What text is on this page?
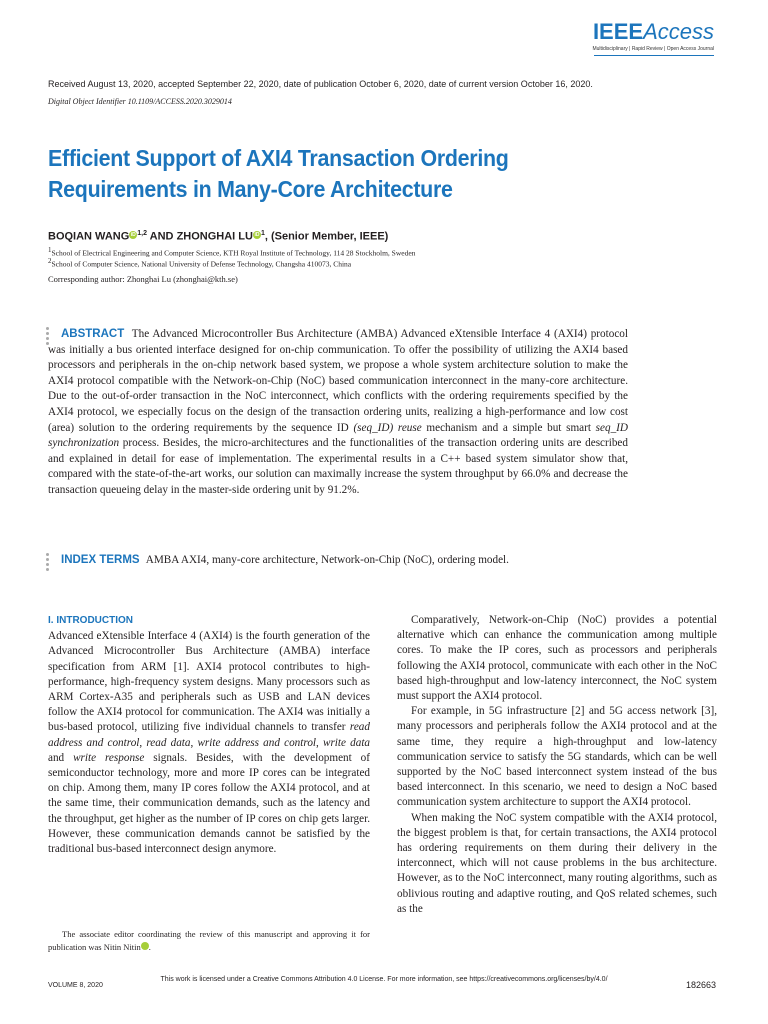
IEEEAccess
Multidisciplinary | Rapid Review | Open Access Journal
Received August 13, 2020, accepted September 22, 2020, date of publication October 6, 2020, date of current version October 16, 2020.
Digital Object Identifier 10.1109/ACCESS.2020.3029014
Efficient Support of AXI4 Transaction Ordering
Requirements in Many-Core Architecture
BOQIAN WANG iD $^{1,2}$ AND ZHONGHAI LU iD $^1$, (Senior Member, IEEE)
$^1$School of Electrical Engineering and Computer Science, KTH Royal Institute of Technology, 114 28 Stockholm, Sweden
$^2$School of Computer Science, National University of Defense Technology, Changsha 410073, China
Corresponding author: Zhonghai Lu (zhonghai@kth.se)
ABSTRACT The Advanced Microcontroller Bus Architecture (AMBA) Advanced eXtensible Interface 4 (AXI4) protocol was initially a bus oriented interface designed for on-chip communication. To offer the possibility of utilizing the AXI4 based processors and peripherals in the on-chip network based system, we propose a whole system architecture solution to make the AXI4 protocol compatible with the Network-on-Chip (NoC) based communication interconnect in the many-core architecture. Due to the out-of-order transaction in the NoC interconnect, which conflicts with the ordering requirements specified by the AXI4 protocol, we especially focus on the design of the transaction ordering units, realizing a high-performance and low cost (area) solution to the ordering requirements by the sequence ID (seq_ID) reuse mechanism and a simple but smart seq_ID synchronization process. Besides, the micro-architectures and the functionalities of the transaction ordering units are described and explained in detail for ease of implementation. The experimental results in a C++ based system simulator show that, compared with the state-of-the-art works, our solution can maximally increase the system throughput by 66.0% and decrease the transaction queueing delay in the master-side ordering unit by 91.2%.
INDEX TERMS AMBA AXI4, many-core architecture, Network-on-Chip (NoC), ordering model.
I. INTRODUCTION

Advanced eXtensible Interface 4 (AXI4) is the fourth generation of the Advanced Microcontroller Bus Architecture (AMBA) interface specification from ARM [1]. AXI4 protocol contributes to high-performance, high-frequency system designs. Many processors such as ARM Cortex-A35 and peripherals such as USB and LAN devices follow the AXI4 protocol for communication. The AXI4 was initially a bus-based protocol, utilizing five individual channels to transfer read address and control, read data, write address and control, write data and write response signals. Besides, with the development of semiconductor technology, more and more IP cores can be integrated on chip. Among them, many IP cores follow the AXI4 protocol, and at the same time, their communication demands, such as the latency and the throughput, get higher as the number of IP cores on chip gets larger. However, these communication demands cannot be satisfied by the traditional bus-based interconnect design anymore.

The associate editor coordinating the review of this manuscript and approving it for publication was Nitin Nitin	iD.

Comparatively, Network-on-Chip (NoC) provides a potential alternative which can enhance the communication among multiple cores. To make the IP cores, such as processors and peripherals following the AXI4 protocol, communicate with each other in the NoC based high-throughput and low-latency interconnect, the NoC system must support the AXI4 protocol.

For example, in 5G infrastructure [2] and 5G access network [3], many processors and peripherals follow the AXI4 protocol and at the same time, they require a high-throughput and low-latency communication service to satisfy the 5G standards, which can be well supported by the NoC based interconnect system instead of the bus based interconnect. In this scenario, we need to design a NoC based communication system architecture to support the AXI4 protocol.

When making the NoC system compatible with the AXI4 protocol, the biggest problem is that, for certain transactions, the AXI4 protocol has ordering requirements on them during their delivery in the interconnect, which will not cause problems in the bus architecture. However, as to the NoC interconnect, many routing algorithms, such as oblivious routing and adaptive routing, and QoS related schemes, such as the

This work is licensed under a Creative Commons Attribution 4.0 License. For more information, see https://creativecommons.org/licenses/by/4.0/
VOLUME 8, 2020	182663
